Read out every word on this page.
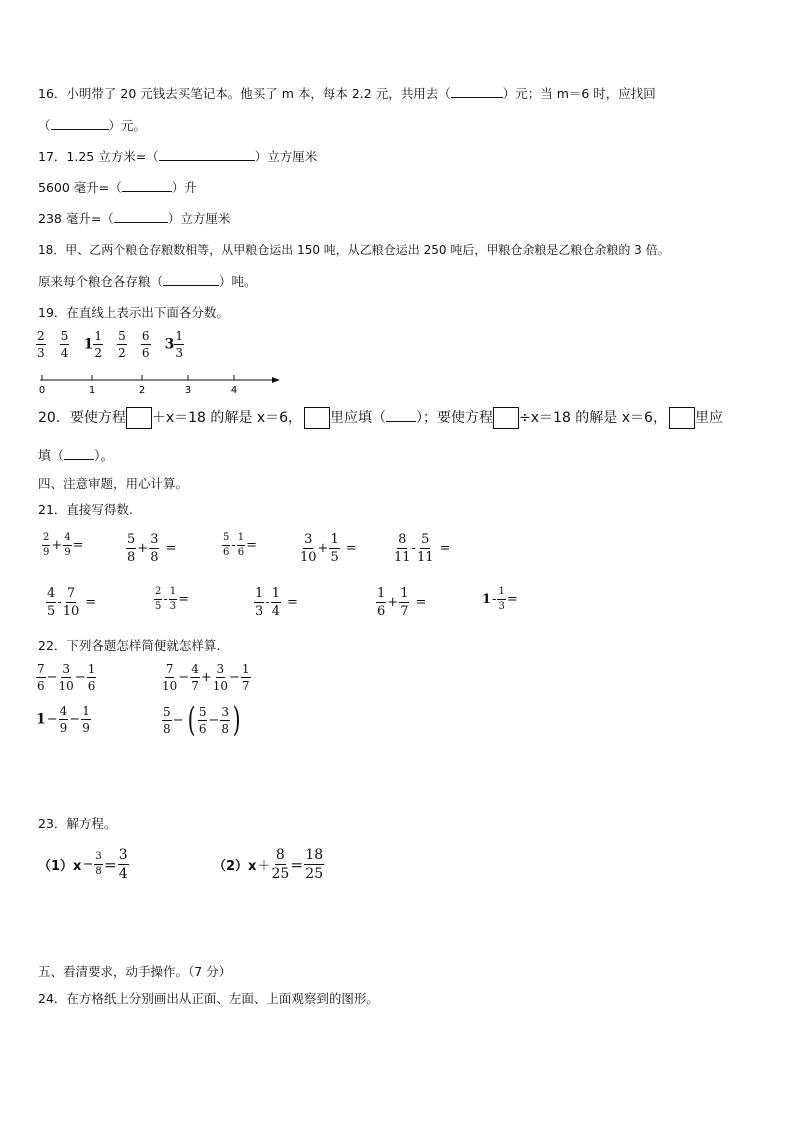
16．小明带了 20 元钱去买笔记本。他买了 m 本，每本 2.2 元，共用去（	）元；当 m＝6 时，应找回
（	）元。
17．1.25 立方米=（	）立方厘米
5600 毫升=（	）升
238 毫升=（	）立方厘米
18．甲、乙两个粮仓存粮数相等，从甲粮仓运出 150 吨，从乙粮仓运出 250 吨后，甲粮仓余粮是乙粮仓余粮的 3 倍。
原来每个粮仓各存粮（	）吨。
19．在直线上表示出下面各分数。
$\frac{2}{3}$
$\frac{5}{4} 1 \frac{1}{2}$
$\frac{5}{2}$
$\frac{6}{6} 3 \frac{1}{3}$
0	1	2	3	4
20．要使方程 ＋x＝18 的解是 x＝6， 里应填（ ）；要使方程 ÷x＝18 的解是 x＝6， 里应
填（ ）。
四、注意审题，用心计算。
21．直接写得数.
$\frac{2}{9} + \frac{4}{9}$ =	$\frac{5}{8} + \frac{3}{8}$ =	$\frac{5}{6} - \frac{1}{6}$ =	$\frac{3}{10} + \frac{1}{5}$ =	$\frac{8}{11} - \frac{5}{11}$ =
$\frac{4}{5} - \frac{7}{10}$ =	$\frac{2}{5} - \frac{1}{3}$ =	$\frac{1}{3} - \frac{1}{4}$ =	$\frac{1}{6} + \frac{1}{7}$ =	$1- \frac{1}{3}$ =
22．下列各题怎样简便就怎样算.
$\frac{7}{6} - \frac{3}{10} - \frac{1}{6}$	$\frac{7}{10} - \frac{4}{7} + \frac{3}{10} - \frac{1}{7}$
$1- \frac{4}{9} - \frac{1}{9}$	$\frac{5}{8}$ − ( $\frac{5}{6} - \frac{3}{8}$ )
23．解方程。
$(1)x- \frac{3}{8} = \frac{3}{4}$	$(2)x+ \frac{8}{25} = \frac{18}{25}$
五、看清要求，动手操作。（7 分）
24．在方格纸上分别画出从正面、左面、上面观察到的图形。
